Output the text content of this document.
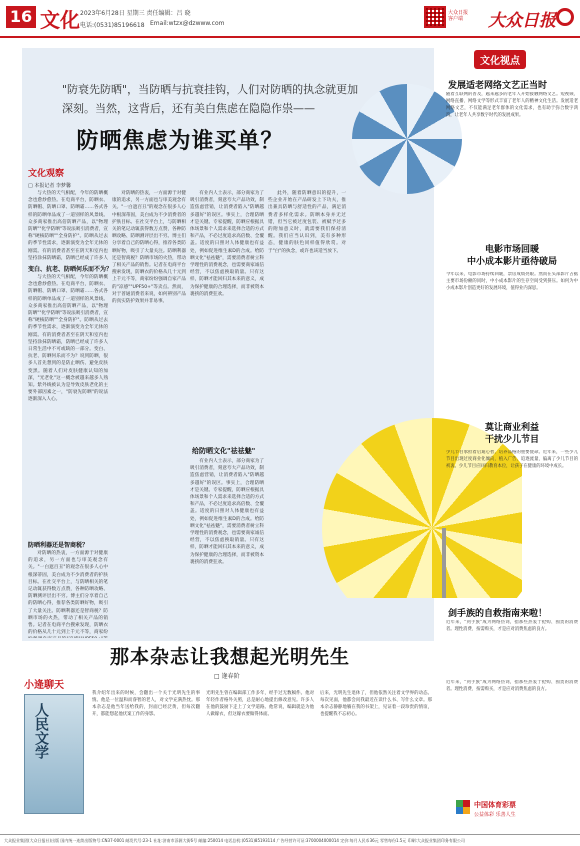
16 文化 2023年6月28日 星期三 责任编辑：吕 晓
电话:(0531)85196618 Email:wtzx@dzwww.com
大众日报客户端	大众日报
"防衰先防晒"，当防晒与抗衰挂钩，人们对防晒的执念就更加深刻。当然，这背后，还有美白焦虑在隐隐作祟——
防晒焦虑为谁买单？
文化观察
□ 本报记者 李梦馨
变白、抗老、防晒何乐而不为？

与大热的天气相配，今年的防晒概念也愈炒愈热。在电商平台，防晒衣、防晒帽、防晒口罩、防晒霜……各式各样的防晒单品成了一道别样的风景线。众多商家推出高倍防晒产品，以"物理防晒""化学防晒"等说法吸引消费者，宣称"硬核防晒""全身防护"。防晒从过去的季节性需求，逐渐演变为全年无休的刚需。有的消费者甚至在阴天和室内也坚持涂抹防晒霜，防晒已经成了许多人

与大热的天气相配，今年的防晒概念也愈炒愈热。在电商平台，防晒衣、防晒帽、防晒口罩、防晒霜……各式各样的防晒单品成了一道别样的风景线。众多商家推出高倍防晒产品，以"物理防晒""化学防晒"等说法吸引消费者，宣称"硬核防晒""全身防护"。防晒从过去的季节性需求，逐渐演变为全年无休的刚需。有的消费者甚至在阴天和室内也坚持涂抹防晒霜，防晒已经成了许多人日常生活中不可或缺的一部分。变白、抗老、防晒何乐而不为？说到防晒，很多人首先想到的是防止晒伤、避免皮肤变黑。随着人们对皮肤健康认知的加深，"光老化"这一概念被越来越多人熟知。紫外线被认为是导致皮肤老化的主要外部因素之一，"防衰先防晒"的说法逐渐深入人心。

防晒利器还是智商税？

对防晒的热衷，一方面源于对健康的追求，另一方面也与审美观念有关。"一白遮百丑"的观念在很多人心中根深蒂固，美白成为不少消费者的护肤目标。在社交平台上，与防晒相关的笔记动辄获得数万点赞，各种防晒攻略、防晒测评层出不穷。博主们分享着自己的防晒心得，推荐各类防晒好物，吸引了大量关注。防晒利器还是智商税？防晒市场的火热，带动了相关产品的销售。记者在电商平台搜索发现，防晒衣的价格从几十元到上千元不等，商家纷

对防晒的热衷，一方面源于对健康的追求，另一方面也与审美观念有关。"一白遮百丑"的观念在很多人心中根深蒂固，美白成为不少消费者的护肤目标。在社交平台上，与防晒相关的笔记动辄获得数万点赞，各种防晒攻略、防晒测评层出不穷。博主们分享着自己的防晒心得，推荐各类防晒好物，吸引了大量关注。防晒利器还是智商税？防晒市场的火热，带动了相关产品的销售。记者在电商平台搜索发现，防晒衣的价格从几十元到上千元不等，商家纷纷强调自家产品的"凉感""UPF50+"等卖点。然而，对于普通消费者来说，如何辨别产品的真实防护效果并非易事。

有业内人士表示，部分商家为了吸引消费者，刻意夸大产品功效，制造焦虑营销，让消费者陷入"防晒越多越好"的误区。事实上，合理防晒才是关键。专家提醒，防晒应根据具体场景和个人需求来选择合适的方式和产品，不必过度追求高倍数、全覆盖。适度的日照对人体健康也有益处，例如促进维生素D的合成。给防晒文化"祛祛魅"，需要消费者树立科学理性的消费观念，也需要商家诚信经营，不以焦虑换取销量。只有这样，防晒才能回归其本来的意义，成为保护健康的合理选择，而非被资本裹挟的消费狂欢。

给防晒文化"祛祛魅"

有业内人士表示，部分商家为了吸引消费者，刻意夸大产品功效，制造焦虑营销，让消费者陷入"防晒越多越好"的误区。事实上，合理防晒才是关键。专家提醒，防晒应根据具体场景和个人需求来选择合适的方式和产品，不必过度追求高倍数、全覆盖。适度的日照对人体健康也有益处，例如促进维生素D的合成。给防晒文化"祛祛魅"，需要消费者树立科学理性的消费观念，也需要商家诚信经营，不以焦虑换取销量。只有这样，防晒才能回归其本来的意义，成为保护健康的合理选择，而非被资本裹挟的消费狂欢。

此外，随着防晒意识的提升，一些企业开始在产品研发上下功夫，推出兼具防晒与舒适性的产品，满足消费者多样化需求。防晒本身并无过错，但当它被过度包装、被赋予过多的附加意义时，就需要我们保持清醒。我们应当认识到，美有多种形态，健康的肤色同样值得欣赏。对于"白"的执念，或许也该适当放下。

文化视点
发展适老网络文艺正当时
随着互联网的普及，越来越多的老年人开始接触网络文艺。短视频、网络直播、网络文学等形式丰富了老年人的精神文化生活。发展适老网络文艺，不仅能满足老年群体的文化需求，也有助于弥合数字鸿沟，让老年人共享数字时代的发展成果。
电影市场回暖
中小成本影片亟待破局
今年以来，电影市场持续回暖，票房成绩亮眼。然而在头部影片占据主要市场份额的同时，中小成本影片的生存空间受到挤压。如何为中小成本影片创造更好的发展环境，值得业内深思。
莫让商业利益
干扰少儿节目
少儿节目承担着启迪心智、培养品格的重要使命。近年来，一些少儿节目出现过度商业化倾向，植入广告、追逐流量，偏离了少儿节目的初衷。少儿节目应回归教育本位，让孩子在健康的环境中成长。
剑手族的自救指南来啦！
近年来，"剑手族"成为网络热词，指那些热衷于抢购、囤货的消费者。理性消费、按需购买，才是应对消费焦虑的良方。
近年来，"剑手族"成为网络热词，指那些热衷于抢购、囤货的消费者。理性消费、按需购买，才是应对消费焦虑的良方。
中国体育彩票
公益体彩 乐善人生
那本杂志让我想起光明先生
□ 逄春阶
小逄聊天
人民文学
我介绍年出来的时候，会翻出一个关于光明先生的事情。他是一位温和而睿智的老人，对文学充满热忱。那本杂志是他当年送给我的，封面已经泛黄，但每次翻开，都能想起他伏案工作的身影。
光明先生曾在编辑部工作多年，经手过无数稿件。他对年轻作者格外关照，总是耐心地提出修改意见。许多人在他的鼓励下走上了文学道路。他常说，编辑就是为他人做嫁衣，但这嫁衣要做得体面。
后来，光明先生退休了，但他依然关注着文学界的动态。每次见面，他都会问我最近在读什么书、写什么文章。那本杂志静静地躺在我的书架上，见证着一段珍贵的情谊，也提醒我不忘初心。
大众报业集团(大众日报社)出版 国内统一连续出版物号:CN37-0001 邮发代号:23-1 社址:济南市泺源大街6号 邮编:250014 电话总机:(0531)85193114 广告经营许可证:3700004000014 定价:每月人民币36元 零售每份1.5元 印刷:大众报业集团印务有限公司
